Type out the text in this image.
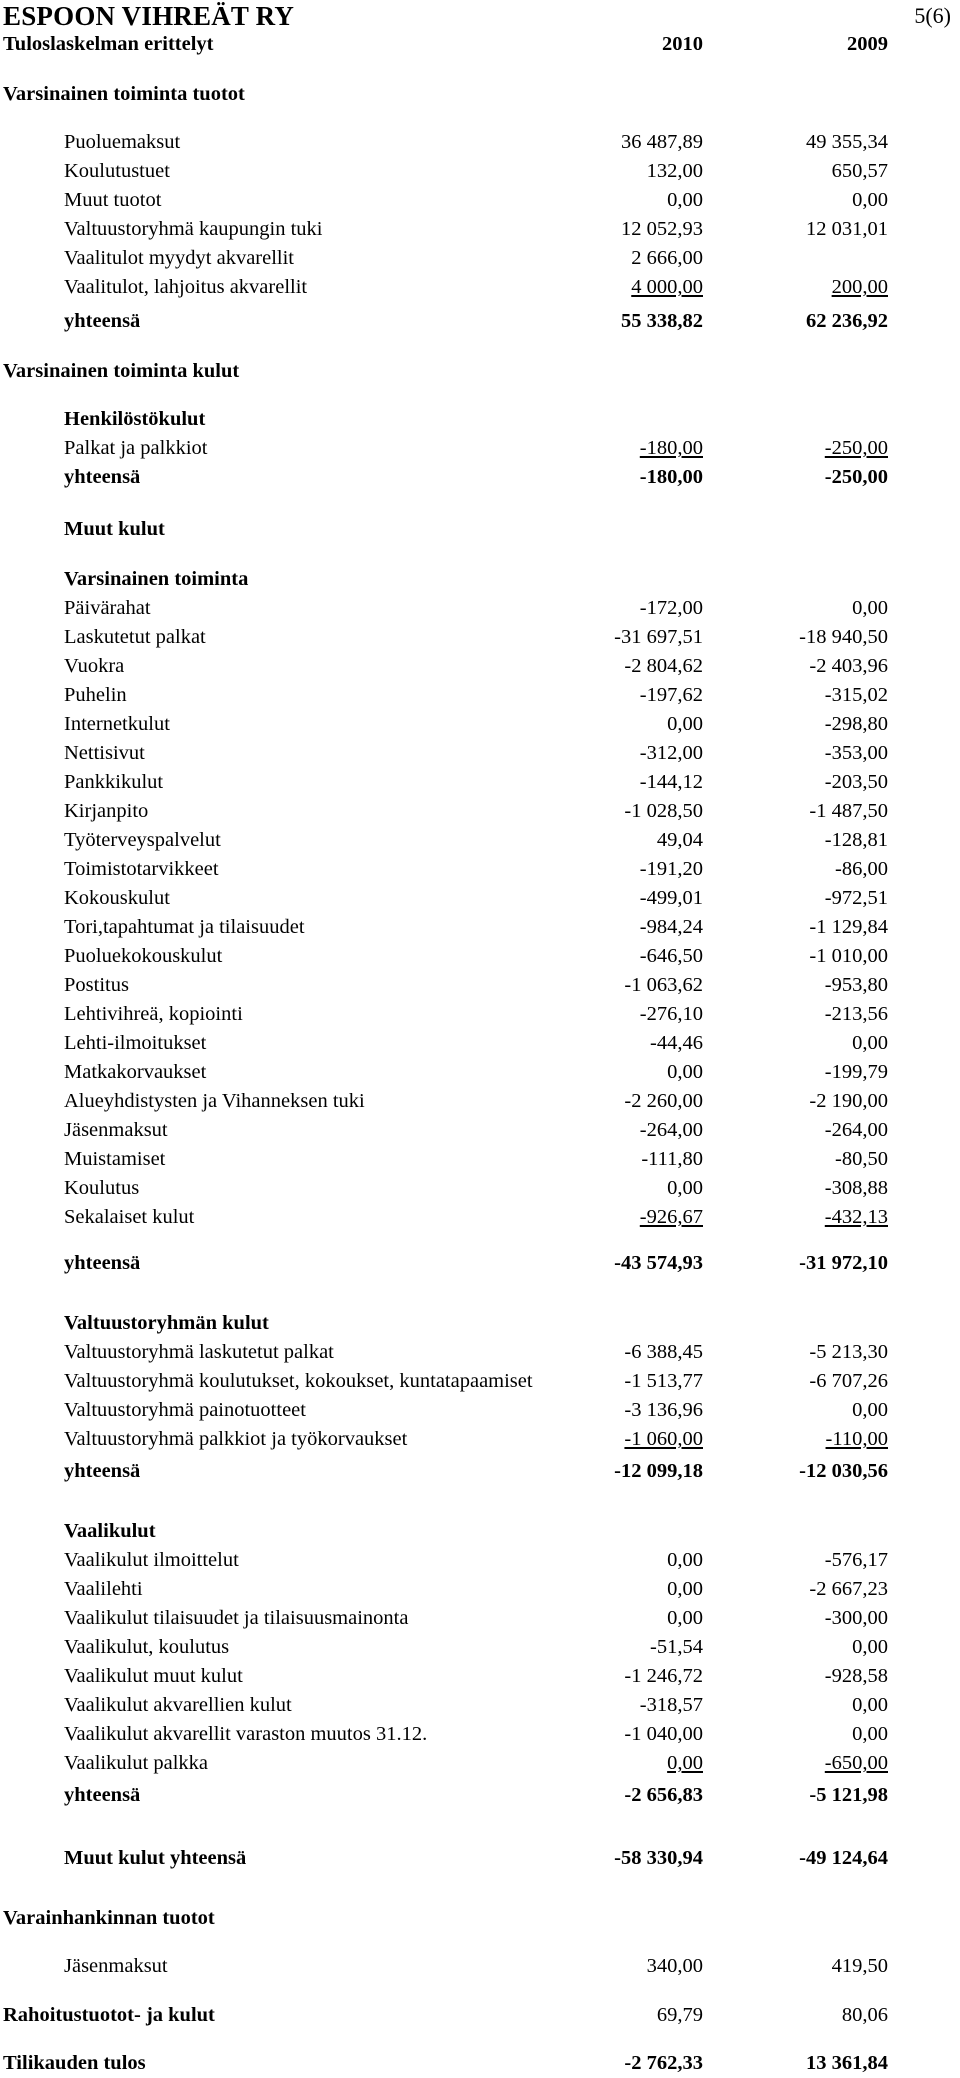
ESPOON VIHREÄT RY	5(6)
Tuloslaskelman erittelyt	2010	2009
Varsinainen toiminta tuotot
Puoluemaksut	36 487,89	49 355,34
Koulutustuet	132,00	650,57
Muut tuotot	0,00	0,00
Valtuustoryhmä kaupungin tuki	12 052,93	12 031,01
Vaalitulot myydyt akvarellit	2 666,00
Vaalitulot, lahjoitus akvarellit	4 000,00	200,00
yhteensä	55 338,82	62 236,92
Varsinainen toiminta kulut
Henkilöstökulut
Palkat ja palkkiot	-180,00	-250,00
yhteensä	-180,00	-250,00
Muut kulut
Varsinainen toiminta
Päivärahat	-172,00	0,00
Laskutetut palkat	-31 697,51	-18 940,50
Vuokra	-2 804,62	-2 403,96
Puhelin	-197,62	-315,02
Internetkulut	0,00	-298,80
Nettisivut	-312,00	-353,00
Pankkikulut	-144,12	-203,50
Kirjanpito	-1 028,50	-1 487,50
Työterveyspalvelut	49,04	-128,81
Toimistotarvikkeet	-191,20	-86,00
Kokouskulut	-499,01	-972,51
Tori,tapahtumat ja tilaisuudet	-984,24	-1 129,84
Puoluekokouskulut	-646,50	-1 010,00
Postitus	-1 063,62	-953,80
Lehtivihreä, kopiointi	-276,10	-213,56
Lehti-ilmoitukset	-44,46	0,00
Matkakorvaukset	0,00	-199,79
Alueyhdistysten ja Vihanneksen tuki	-2 260,00	-2 190,00
Jäsenmaksut	-264,00	-264,00
Muistamiset	-111,80	-80,50
Koulutus	0,00	-308,88
Sekalaiset kulut	-926,67	-432,13
yhteensä	-43 574,93	-31 972,10
Valtuustoryhmän kulut
Valtuustoryhmä laskutetut palkat	-6 388,45	-5 213,30
Valtuustoryhmä koulutukset, kokoukset, kuntatapaamiset	-1 513,77	-6 707,26
Valtuustoryhmä painotuotteet	-3 136,96	0,00
Valtuustoryhmä palkkiot ja työkorvaukset	-1 060,00	-110,00
yhteensä	-12 099,18	-12 030,56
Vaalikulut
Vaalikulut ilmoittelut	0,00	-576,17
Vaalilehti	0,00	-2 667,23
Vaalikulut tilaisuudet ja tilaisuusmainonta	0,00	-300,00
Vaalikulut, koulutus	-51,54	0,00
Vaalikulut muut kulut	-1 246,72	-928,58
Vaalikulut akvarellien kulut	-318,57	0,00
Vaalikulut akvarellit varaston muutos 31.12.	-1 040,00	0,00
Vaalikulut palkka	0,00	-650,00
yhteensä	-2 656,83	-5 121,98
Muut kulut yhteensä	-58 330,94	-49 124,64
Varainhankinnan tuotot
Jäsenmaksut	340,00	419,50
Rahoitustuotot- ja kulut	69,79	80,06
Tilikauden tulos	-2 762,33	13 361,84
